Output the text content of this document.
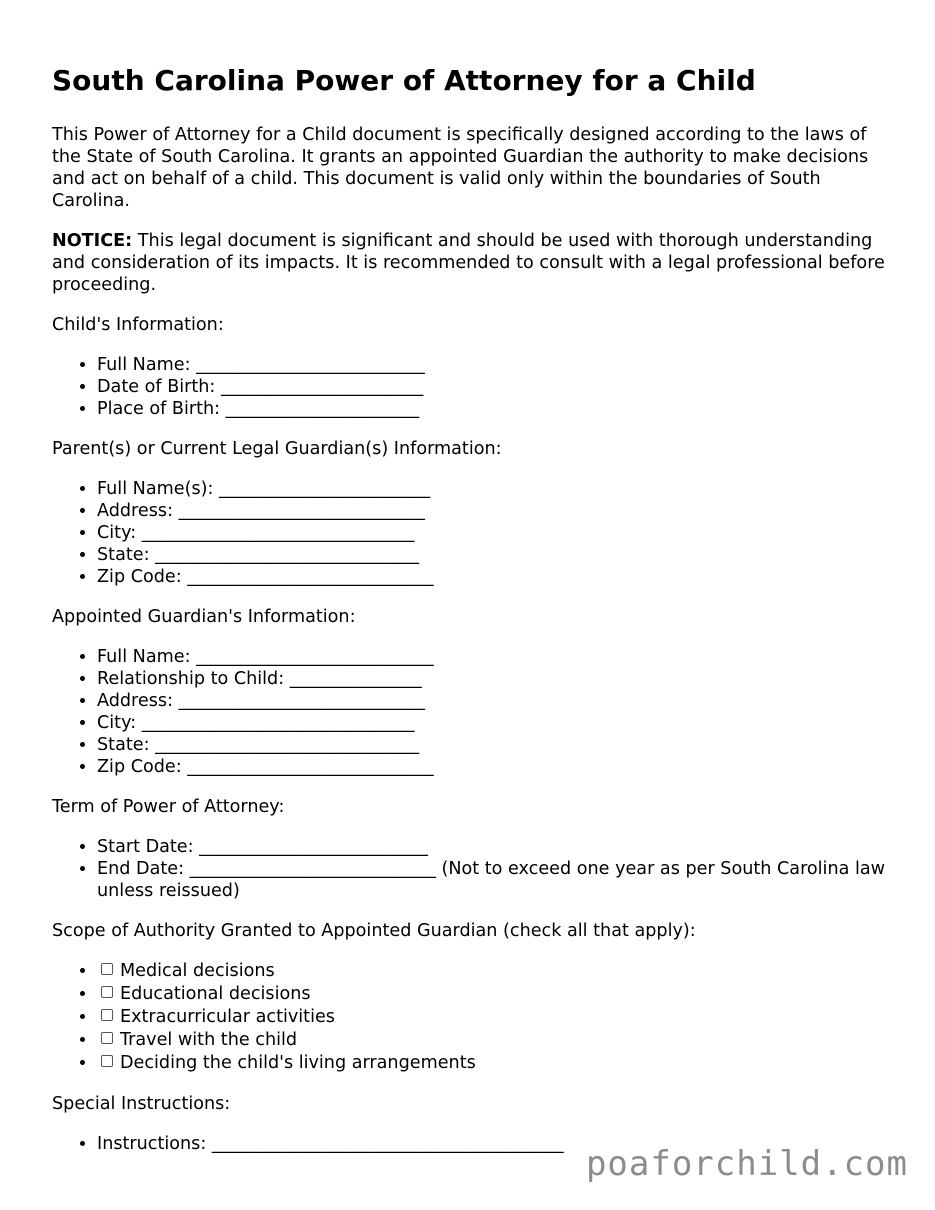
South Carolina Power of Attorney for a Child

This Power of Attorney for a Child document is specifically designed according to the laws of the State of South Carolina. It grants an appointed Guardian the authority to make decisions and act on behalf of a child. This document is valid only within the boundaries of South Carolina.

NOTICE: This legal document is significant and should be used with thorough understanding and consideration of its impacts. It is recommended to consult with a legal professional before proceeding.

Child's Information:
• Full Name: __________________________
• Date of Birth: _______________________
• Place of Birth: ______________________
Parent(s) or Current Legal Guardian(s) Information:
• Full Name(s): ________________________
• Address: ____________________________
• City: _______________________________
• State: ______________________________
• Zip Code: ____________________________
Appointed Guardian's Information:
• Full Name: ___________________________
• Relationship to Child: _______________
• Address: ____________________________
• City: _______________________________
• State: ______________________________
• Zip Code: ____________________________
Term of Power of Attorney:
• Start Date: __________________________
• End Date: ____________________________ (Not to exceed one year as per South Carolina law unless reissued)
Scope of Authority Granted to Appointed Guardian (check all that apply):
• Medical decisions
• Educational decisions
• Extracurricular activities
• Travel with the child
• Deciding the child's living arrangements
Special Instructions:
• Instructions: ________________________________________ poaforchild.com
